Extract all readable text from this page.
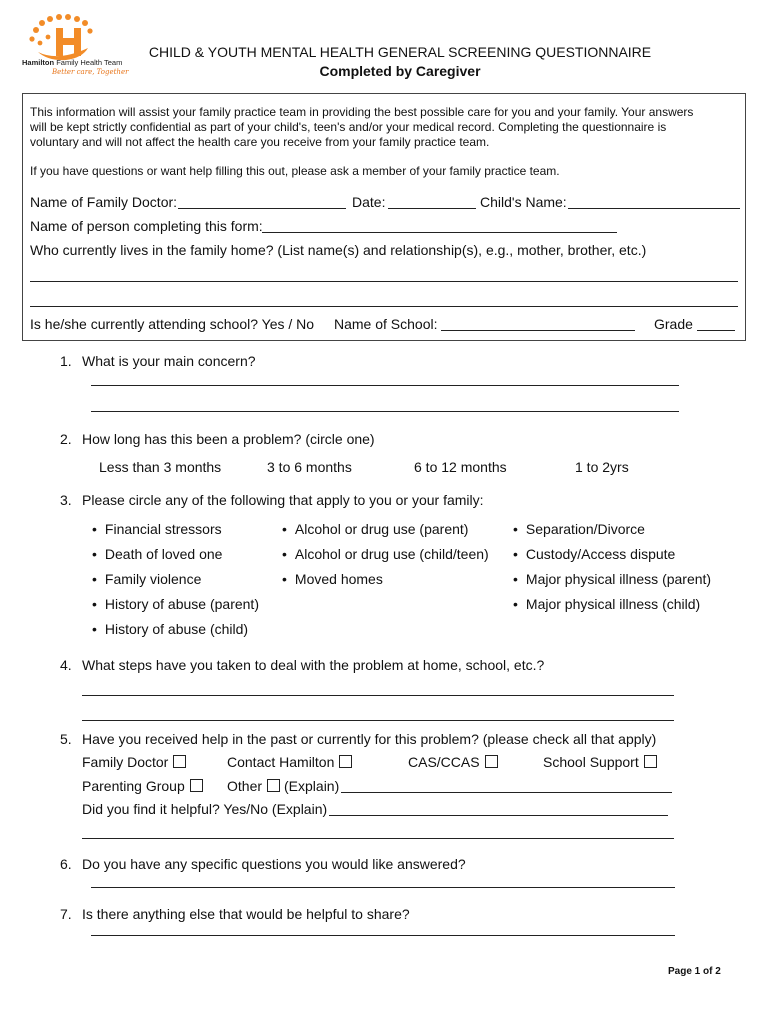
Hamilton Family Health Team
Better care, Together
CHILD & YOUTH MENTAL HEALTH GENERAL SCREENING QUESTIONNAIRE
Completed by Caregiver
This information will assist your family practice team in providing the best possible care for you and your family. Your answers
will be kept strictly confidential as part of your child's, teen's and/or your medical record. Completing the questionnaire is
voluntary and will not affect the health care you receive from your family practice team.
If you have questions or want help filling this out, please ask a member of your family practice team.
Name of Family Doctor:	Date:	Child's Name:
Name of person completing this form:
Who currently lives in the family home? (List name(s) and relationship(s), e.g., mother, brother, etc.)
Is he/she currently attending school? Yes / No Name of School:	Grade
1. What is your main concern?
2. How long has this been a problem? (circle one)
Less than 3 months	3 to 6 months	6 to 12 months	1 to 2yrs
3. Please circle any of the following that apply to you or your family:
• Financial stressors
• Death of loved one
• Family violence
• History of abuse (parent)
• History of abuse (child)
• Alcohol or drug use (parent)
• Alcohol or drug use (child/teen)
• Moved homes
• Separation/Divorce
• Custody/Access dispute
• Major physical illness (parent)
• Major physical illness (child)
4. What steps have you taken to deal with the problem at home, school, etc.?
5. Have you received help in the past or currently for this problem? (please check all that apply)
Family Doctor	Contact Hamilton	CAS/CCAS	School Support
Parenting Group	Other (Explain)
Did you find it helpful? Yes/No (Explain)
6. Do you have any specific questions you would like answered?
7. Is there anything else that would be helpful to share?
Page 1 of 2
